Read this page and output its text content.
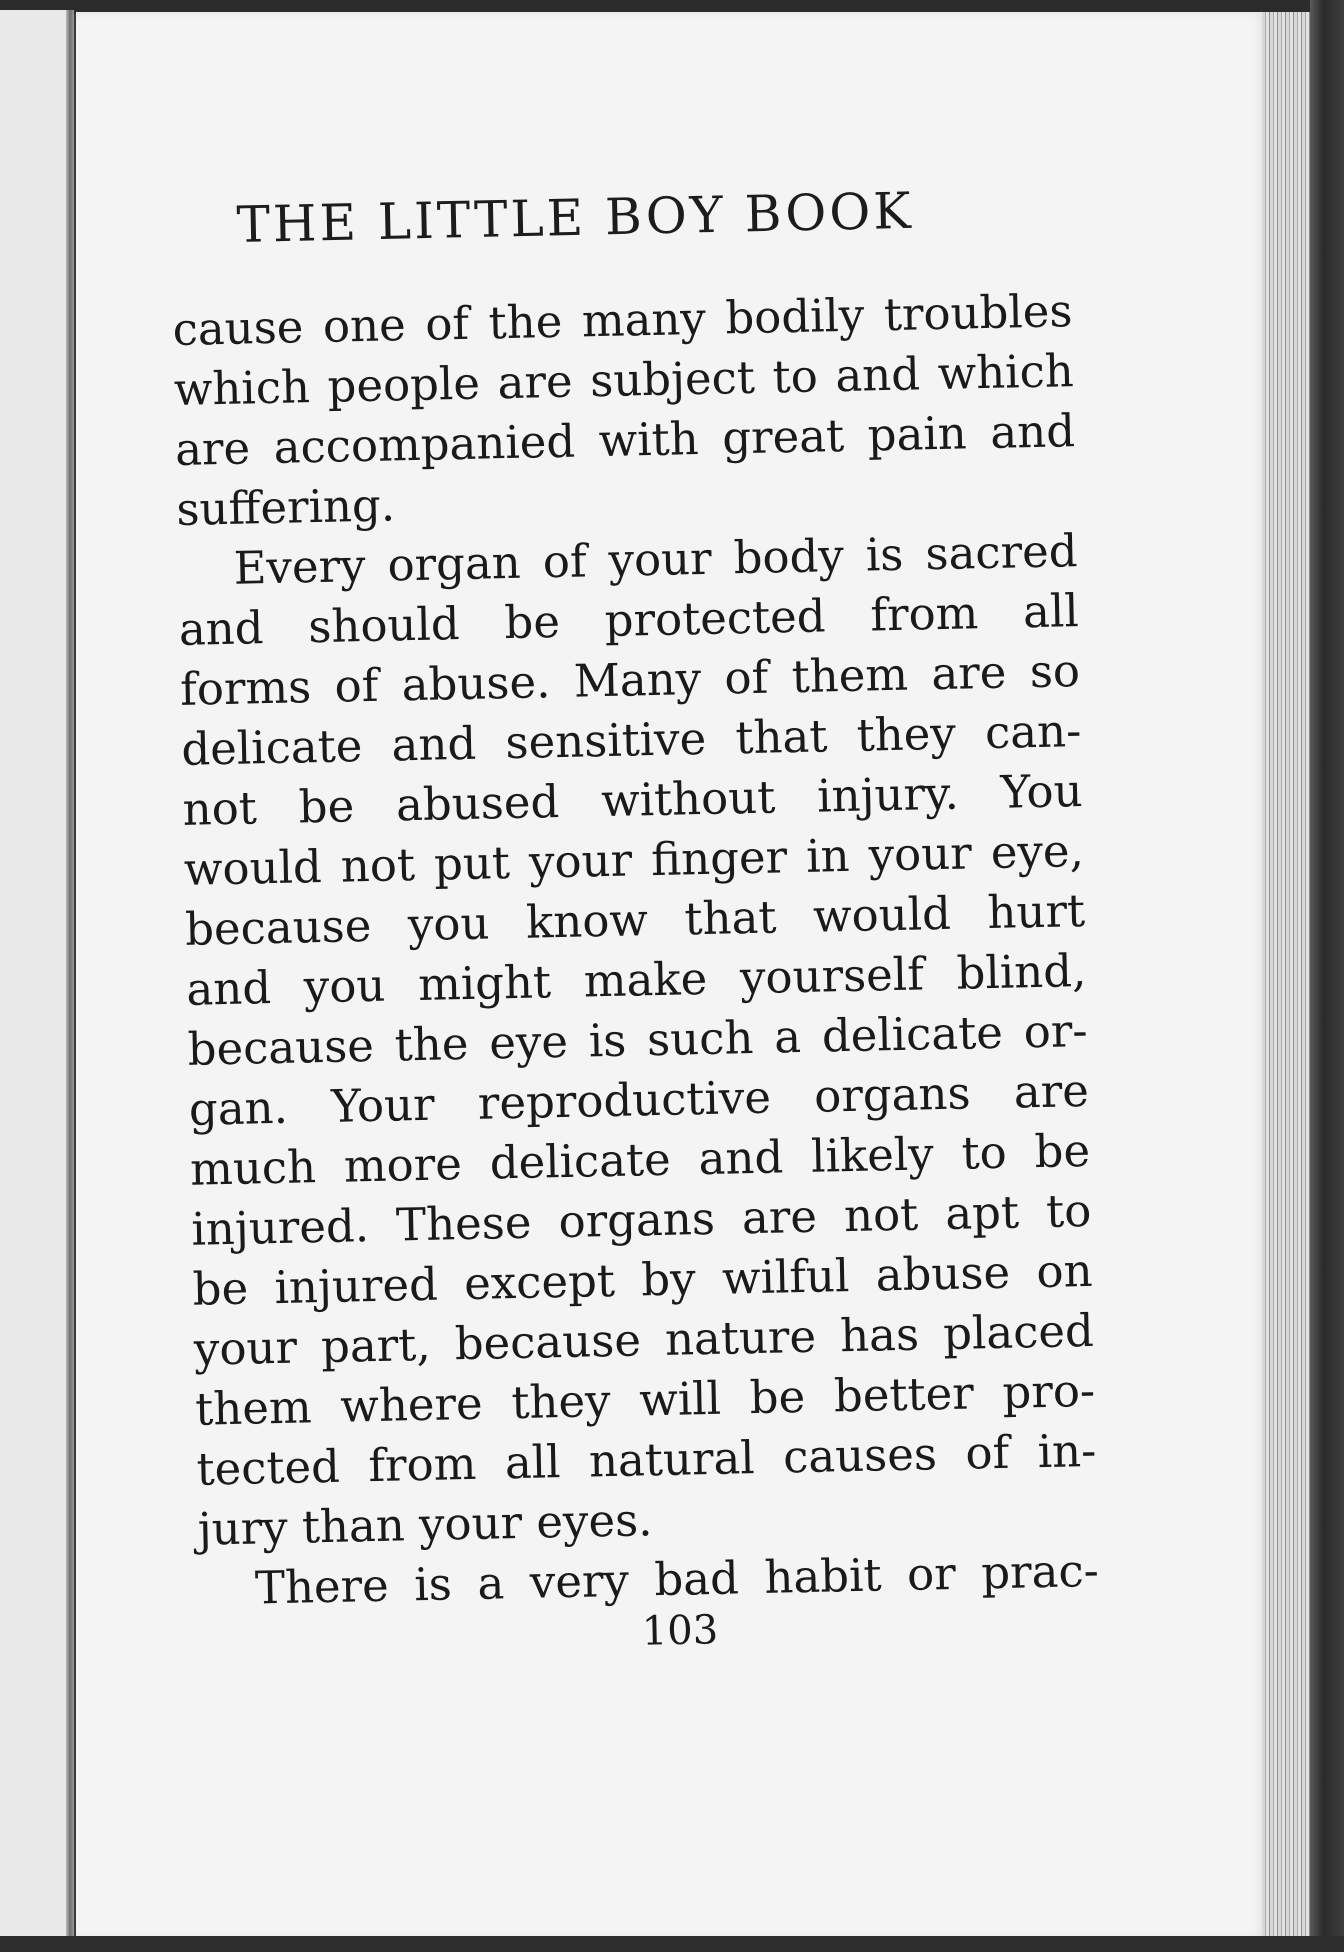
THE LITTLE BOY BOOK
cause one of the many bodily troubles
which people are subject to and which
are accompanied with great pain and
suffering.
Every organ of your body is sacred
and should be protected from all
forms of abuse. Many of them are so
delicate and sensitive that they can-
not be abused without injury. You
would not put your finger in your eye,
because you know that would hurt
and you might make yourself blind,
because the eye is such a delicate or-
gan. Your reproductive organs are
much more delicate and likely to be
injured. These organs are not apt to
be injured except by wilful abuse on
your part, because nature has placed
them where they will be better pro-
tected from all natural causes of in-
jury than your eyes.
There is a very bad habit or prac-
103
